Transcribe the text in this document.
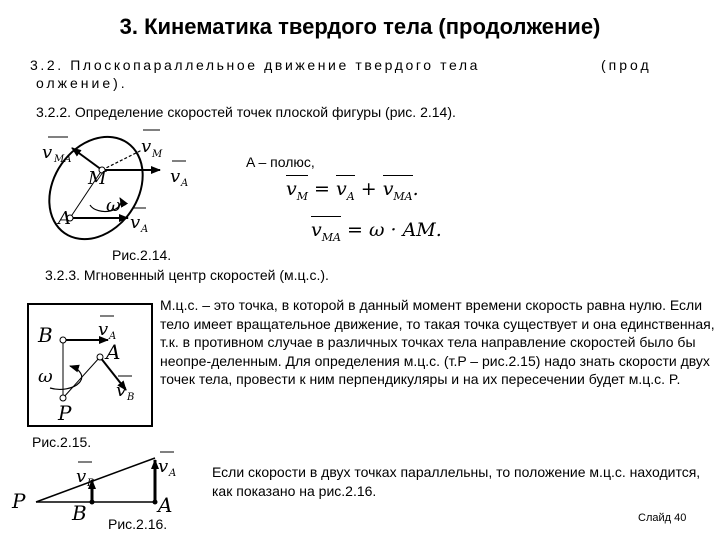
3. Кинематика твердого тела (продолжение)
3.2. Плоскопараллельное движение твердого тела	(прод
олжение).
3.2.2. Определение скоростей точек плоской фигуры (рис. 2.14).
v MA
v M
v A
M
ω
A	v A
A – полюс,
$v_M = v_A + v_{MA}$.
$v_{MA} = \omega$ · AM.
Рис.2.14.
3.2.3. Мгновенный центр скоростей (м.ц.с.).
B	v A
A
ω
v B
P
М.ц.с. – это точка, в которой в данный момент времени скорость равна нулю. Если тело имеет вращательное движение, то такая точка существует и она единственная, т.к. в противном случае в различных точках тела направление скоростей было бы неопре-деленным. Для определения м.ц.с. (т.P – рис.2.15) надо знать скорости двух точек тела, провести к ним перпендикуляры и на их пересечении будет м.ц.с. P.
Рис.2.15.
v B
v A
P B	A
Если скорости в двух точках параллельны, то положение м.ц.с. находится, как показано на рис.2.16.
Рис.2.16.	Слайд 40
